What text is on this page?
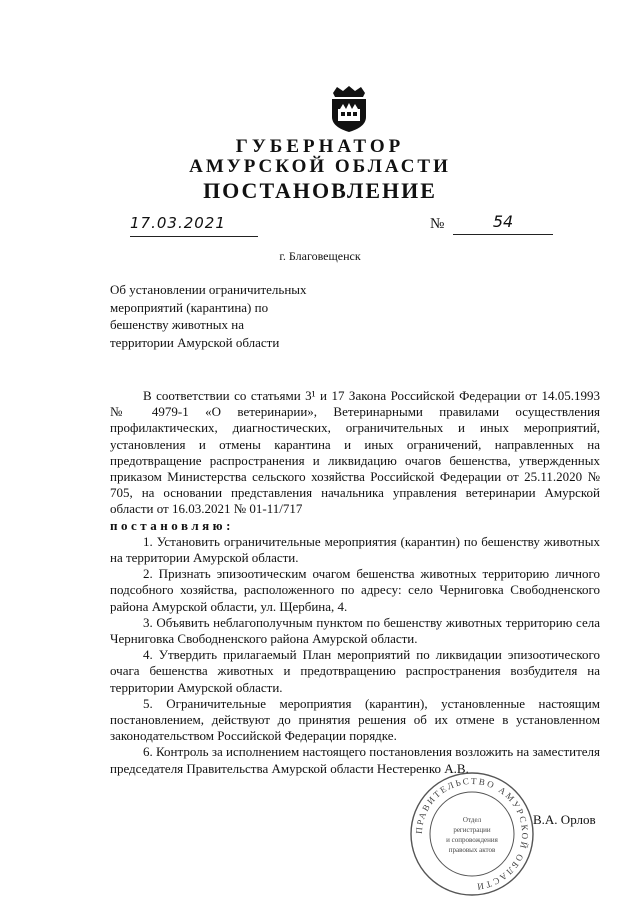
ГУБЕРНАТОР
АМУРСКОЙ ОБЛАСТИ
ПОСТАНОВЛЕНИЕ
17.03.2021	№	54
г. Благовещенск
Об установлении ограничительных мероприятий (карантина) по бешенству животных на территории Амурской области

В соответствии со статьями 3¹ и 17 Закона Российской Федерации от 14.05.1993 № 4979-1 «О ветеринарии», Ветеринарными правилами осуществления профилактических, диагностических, ограничительных и иных мероприятий, установления и отмены карантина и иных ограничений, направленных на предотвращение распространения и ликвидацию очагов бешенства, утвержденных приказом Министерства сельского хозяйства Российской Федерации от 25.11.2020 № 705, на основании представления начальника управления ветеринарии Амурской области от 16.03.2021 № 01-11/717

постановляю:

1. Установить ограничительные мероприятия (карантин) по бешенству животных на территории Амурской области.

2. Признать эпизоотическим очагом бешенства животных территорию личного подсобного хозяйства, расположенного по адресу: село Черниговка Свободненского района Амурской области, ул. Щербина, 4.

3. Объявить неблагополучным пунктом по бешенству животных территорию села Черниговка Свободненского района Амурской области.

4. Утвердить прилагаемый План мероприятий по ликвидации эпизоотического очага бешенства животных и предотвращению распространения возбудителя на территории Амурской области.

5. Ограничительные мероприятия (карантин), установленные настоящим постановлением, действуют до принятия решения об их отмене в установленном законодательством Российской Федерации порядке.

6. Контроль за исполнением настоящего постановления возложить на заместителя председателя Правительства Амурской области Нестеренко А.В.

ПРАВИТЕЛЬСТВО АМУРСКОЙ ОБЛАСТИ
Отдел
регистрации
и сопровождения
правовых актов
В.А. Орлов
